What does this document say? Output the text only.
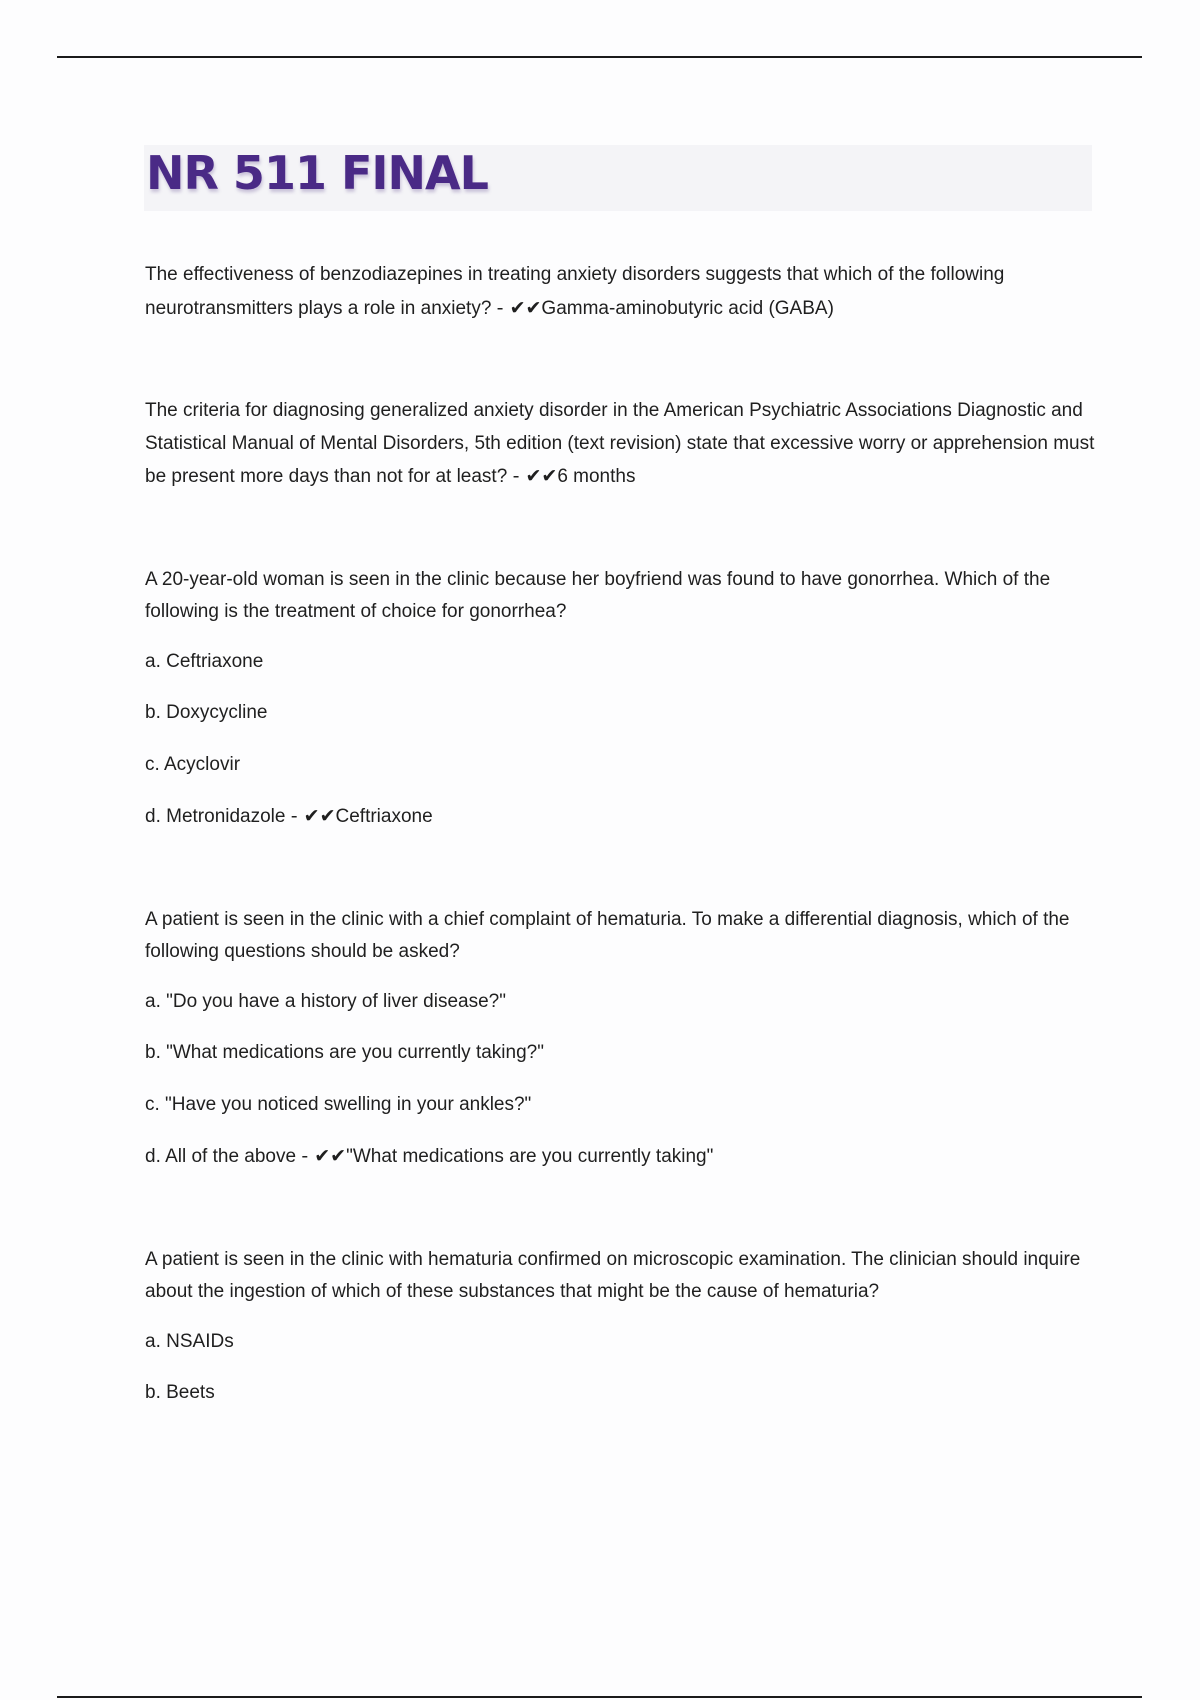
NR 511 FINAL

The effectiveness of benzodiazepines in treating anxiety disorders suggests that which of the following neurotransmitters plays a role in anxiety? - ✔✔Gamma-aminobutyric acid (GABA)

The criteria for diagnosing generalized anxiety disorder in the American Psychiatric Associations Diagnostic and Statistical Manual of Mental Disorders, 5th edition (text revision) state that excessive worry or apprehension must be present more days than not for at least? - ✔✔6 months

A 20-year-old woman is seen in the clinic because her boyfriend was found to have gonorrhea. Which of the following is the treatment of choice for gonorrhea?

a. Ceftriaxone

b. Doxycycline

c. Acyclovir

d. Metronidazole - ✔✔Ceftriaxone

A patient is seen in the clinic with a chief complaint of hematuria. To make a differential diagnosis, which of the following questions should be asked?

a. "Do you have a history of liver disease?"

b. "What medications are you currently taking?"

c. "Have you noticed swelling in your ankles?"

d. All of the above - ✔✔"What medications are you currently taking"

A patient is seen in the clinic with hematuria confirmed on microscopic examination. The clinician should inquire about the ingestion of which of these substances that might be the cause of hematuria?

a. NSAIDs

b. Beets
